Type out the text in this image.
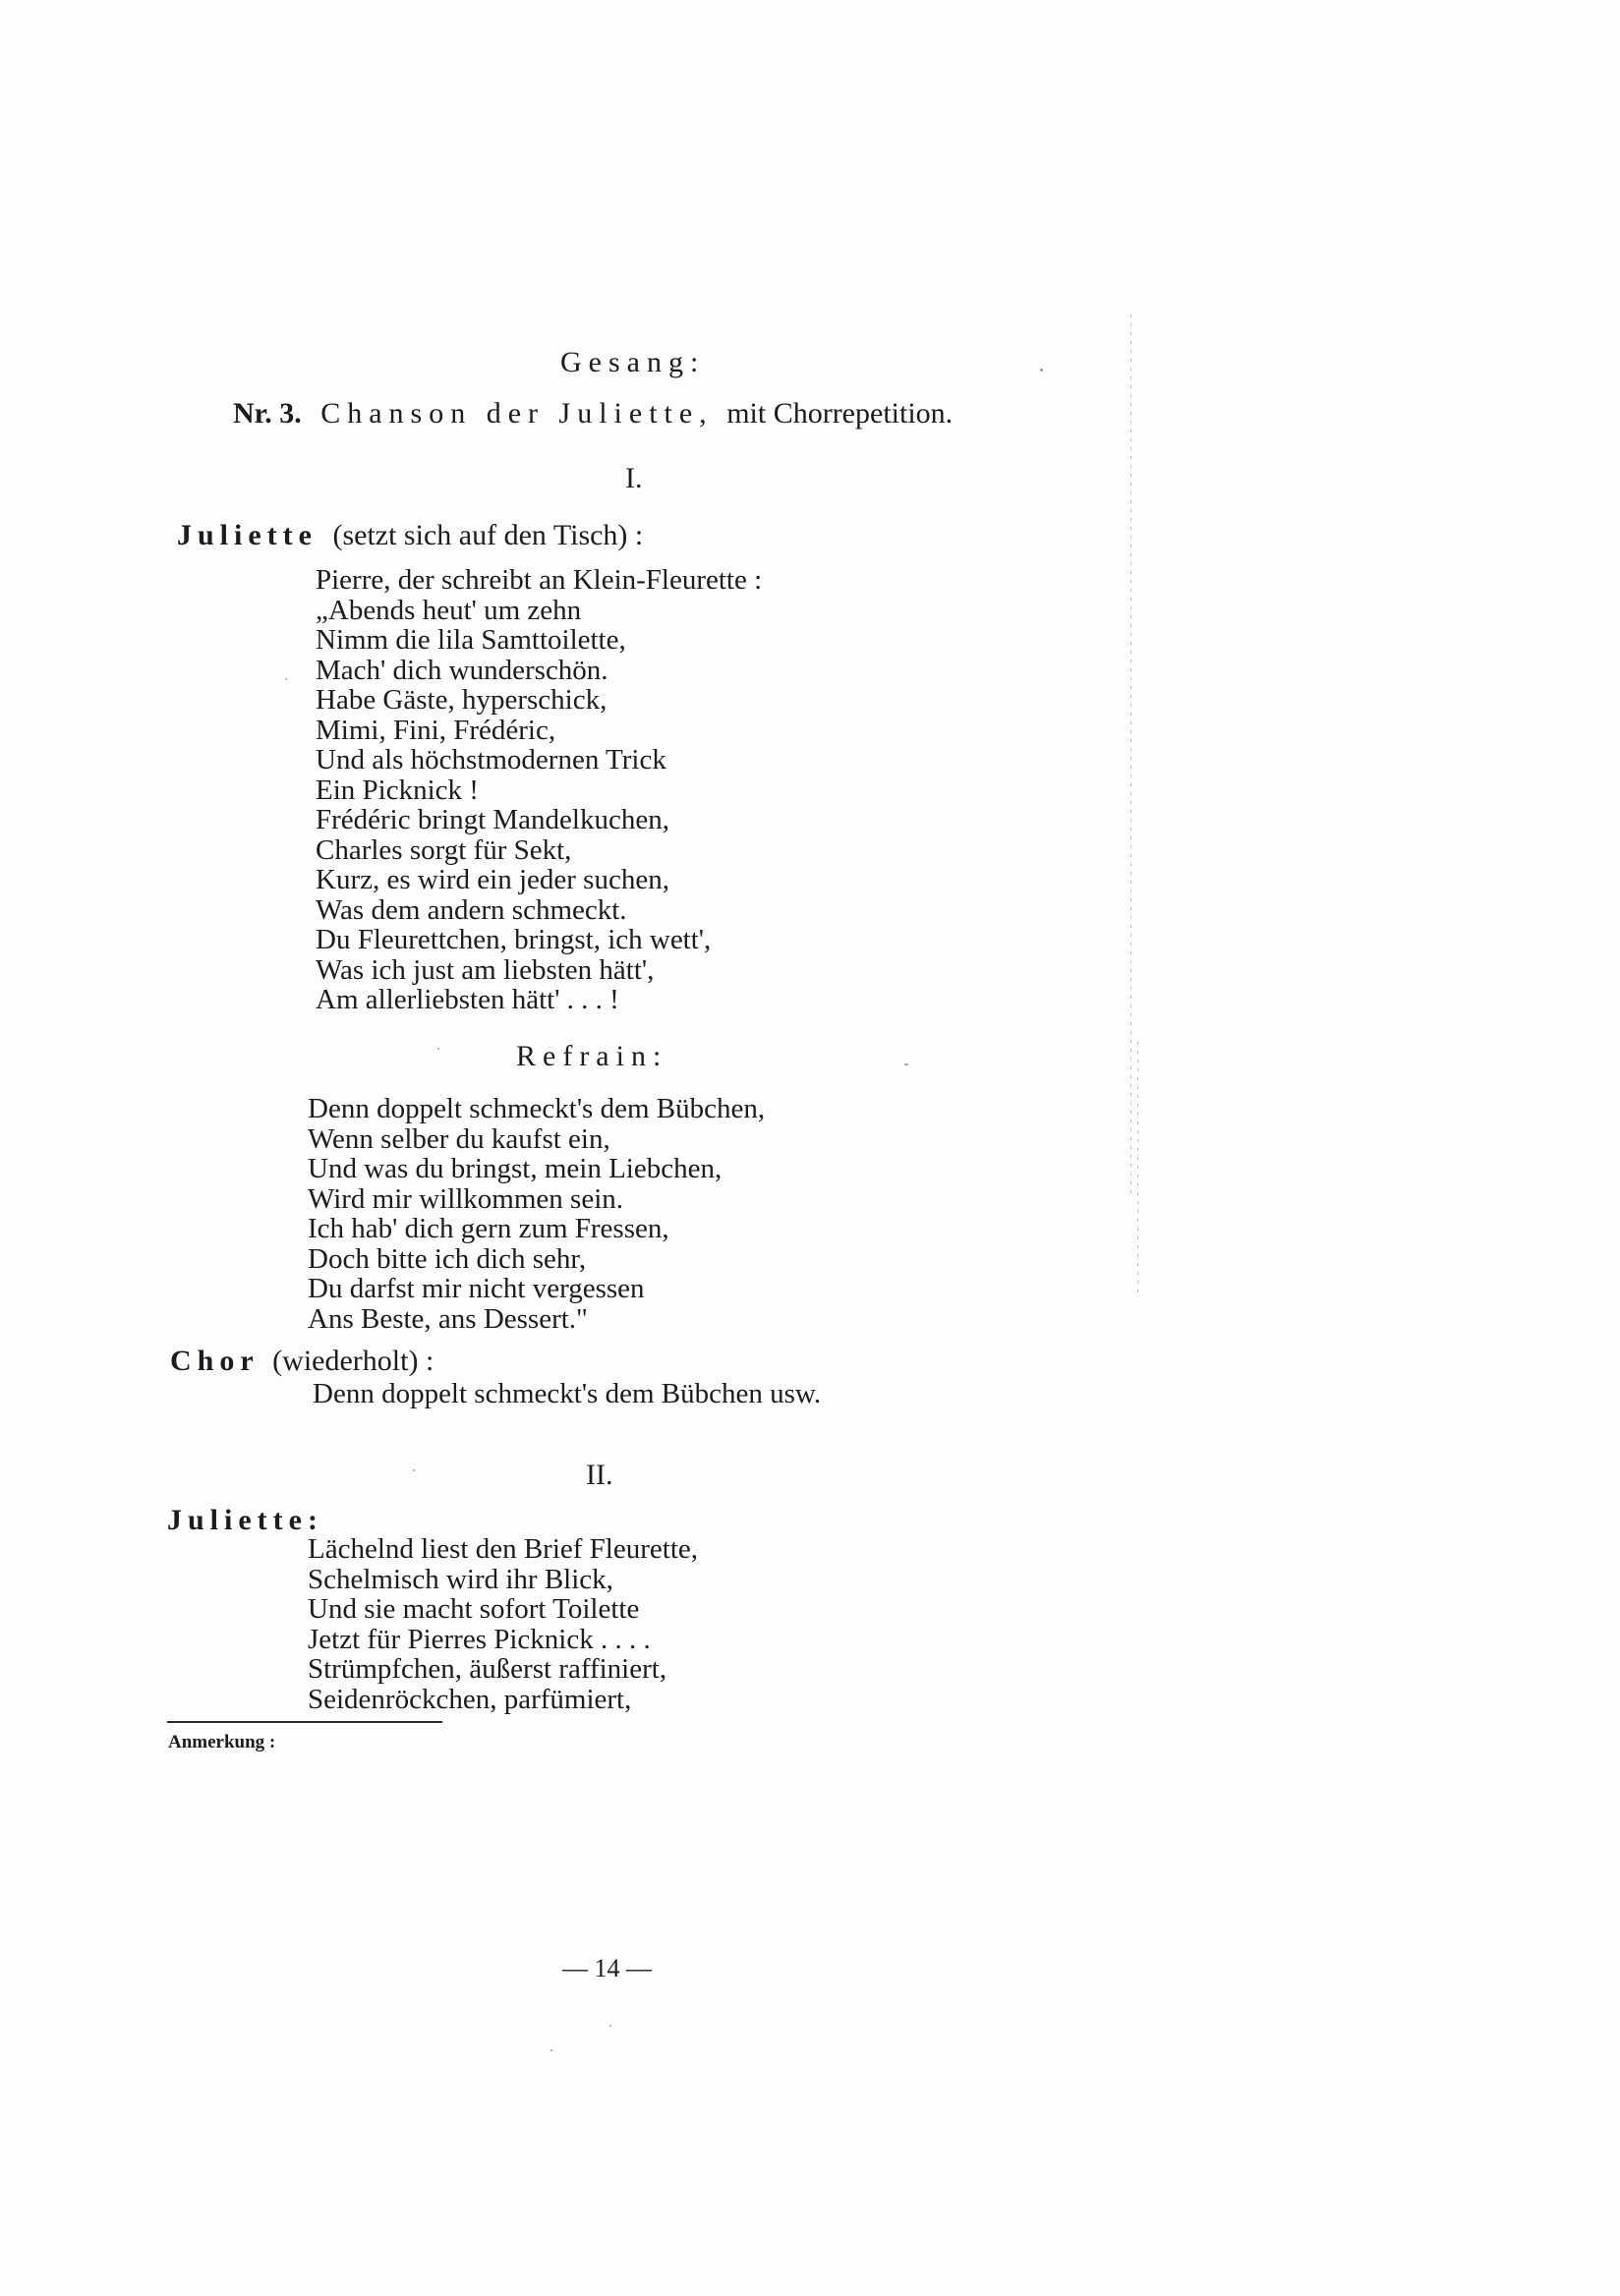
Gesang:
Nr. 3. Chanson der Juliette, mit Chorrepetition.
I.
Juliette (setzt sich auf den Tisch) :
Pierre, der schreibt an Klein-Fleurette :
„Abends heut' um zehn
Nimm die lila Samttoilette,
Mach' dich wunderschön.
Habe Gäste, hyperschick,
Mimi, Fini, Frédéric,
Und als höchstmodernen Trick
Ein Picknick !
Frédéric bringt Mandelkuchen,
Charles sorgt für Sekt,
Kurz, es wird ein jeder suchen,
Was dem andern schmeckt.
Du Fleurettchen, bringst, ich wett',
Was ich just am liebsten hätt',
Am allerliebsten hätt' . . . !
Refrain:
Denn doppelt schmeckt's dem Bübchen,
Wenn selber du kaufst ein,
Und was du bringst, mein Liebchen,
Wird mir willkommen sein.
Ich hab' dich gern zum Fressen,
Doch bitte ich dich sehr,
Du darfst mir nicht vergessen
Ans Beste, ans Dessert."
Chor (wiederholt) :
Denn doppelt schmeckt's dem Bübchen usw.
II.
Juliette:
Lächelnd liest den Brief Fleurette,
Schelmisch wird ihr Blick,
Und sie macht sofort Toilette
Jetzt für Pierres Picknick . . . .
Strümpfchen, äußerst raffiniert,
Seidenröckchen, parfümiert,
Anmerkung :
— 14 —
